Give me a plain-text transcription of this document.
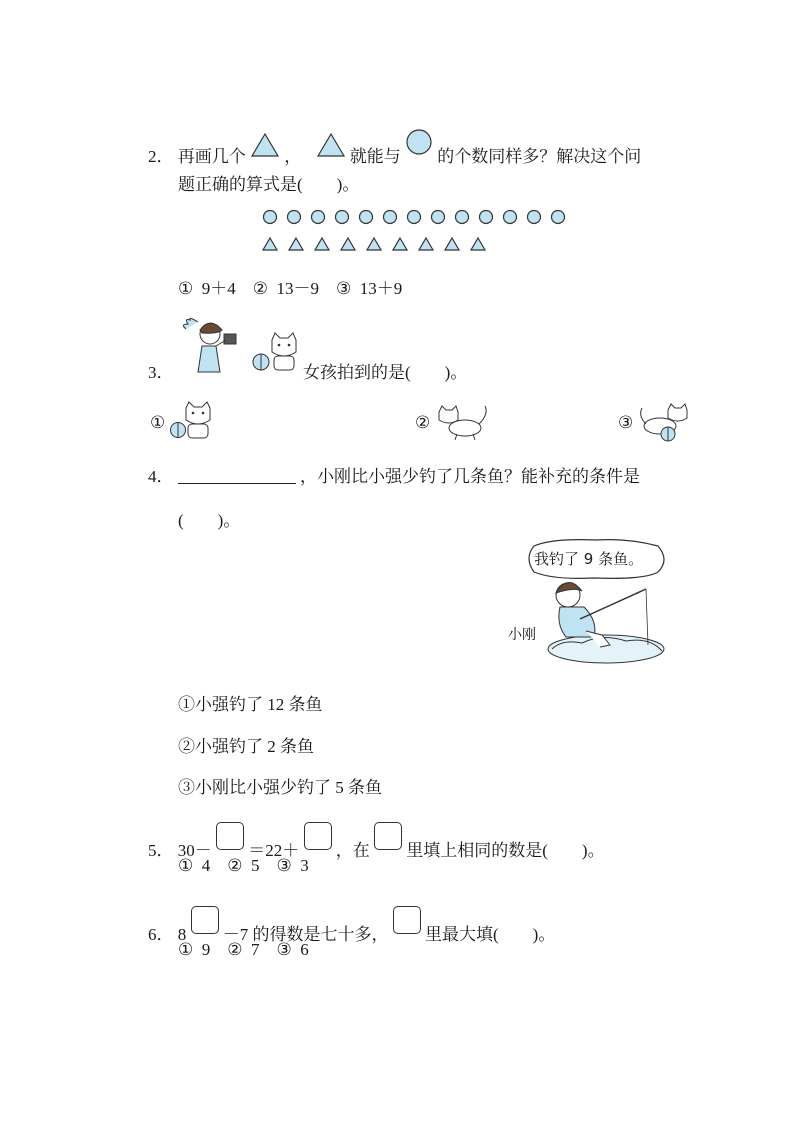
2． 再画几个 ，	就能与 的个数同样多？解决这个问
题正确的算式是(　　)。
①  9＋4    ②  13－9    ③  13＋9
3．	女孩拍到的是(　　)。
①	②	③
4．	，小刚比小强少钓了几条鱼？能补充的条件是
(　　)。
我钓了 9 条鱼。
小刚
①小强钓了 12 条鱼
②小强钓了 2 条鱼
③小刚比小强少钓了 5 条鱼
5． 30－ ＝22＋ ，在 里填上相同的数是(　　)。
①  4    ②  5    ③  3
6． 8 －7 的得数是七十多， 里最大填(　　)。
①  9    ②  7    ③  6
